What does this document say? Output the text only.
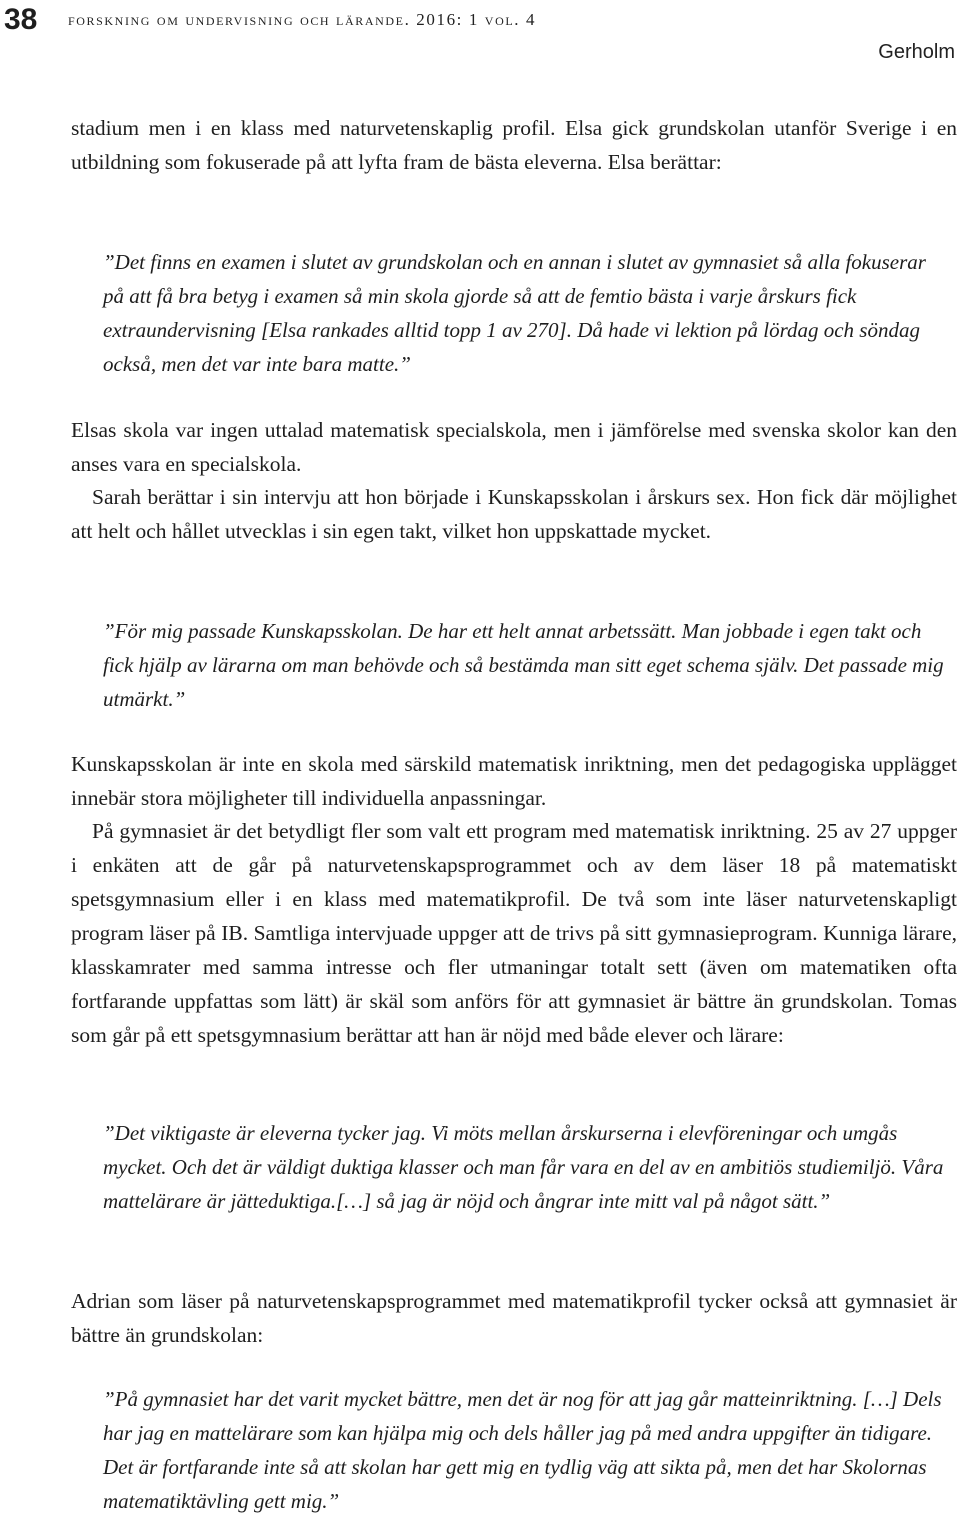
38 forskning om undervisning och lärande. 2016: 1 vol. 4
Gerholm

stadium men i en klass med naturvetenskaplig profil. Elsa gick grundskolan utanför Sverige i en utbildning som fokuserade på att lyfta fram de bästa eleverna. Elsa berättar:

”Det finns en examen i slutet av grundskolan och en annan i slutet av gymnasiet så alla fokuserar på att få bra betyg i examen så min skola gjorde så att de femtio bästa i varje årskurs fick extraundervisning [Elsa rankades alltid topp 1 av 270]. Då hade vi lektion på lördag och söndag också, men det var inte bara matte.”

Elsas skola var ingen uttalad matematisk specialskola, men i jämförelse med svenska skolor kan den anses vara en specialskola.

Sarah berättar i sin intervju att hon började i Kunskapsskolan i årskurs sex. Hon fick där möjlighet att helt och hållet utvecklas i sin egen takt, vilket hon uppskattade mycket.

”För mig passade Kunskapsskolan. De har ett helt annat arbetssätt. Man jobbade i egen takt och fick hjälp av lärarna om man behövde och så bestämda man sitt eget schema själv. Det passade mig utmärkt.”

Kunskapsskolan är inte en skola med särskild matematisk inriktning, men det pedagogiska upplägget innebär stora möjligheter till individuella anpassningar.

På gymnasiet är det betydligt fler som valt ett program med matematisk inriktning. 25 av 27 uppger i enkäten att de går på naturvetenskapsprogrammet och av dem läser 18 på matematiskt spetsgymnasium eller i en klass med matematikprofil. De två som inte läser naturvetenskapligt program läser på IB. Samtliga intervjuade uppger att de trivs på sitt gymnasieprogram. Kunniga lärare, klasskamrater med samma intresse och fler utmaningar totalt sett (även om matematiken ofta fortfarande uppfattas som lätt) är skäl som anförs för att gymnasiet är bättre än grundskolan. Tomas som går på ett spetsgymnasium berättar att han är nöjd med både elever och lärare:

”Det viktigaste är eleverna tycker jag. Vi möts mellan årskurserna i elevföreningar och umgås mycket. Och det är väldigt duktiga klasser och man får vara en del av en ambitiös studiemiljö. Våra mattelärare är jätteduktiga.[…] så jag är nöjd och ångrar inte mitt val på något sätt.”

Adrian som läser på naturvetenskapsprogrammet med matematikprofil tycker också att gymnasiet är bättre än grundskolan:

”På gymnasiet har det varit mycket bättre, men det är nog för att jag går matteinriktning. […] Dels har jag en mattelärare som kan hjälpa mig och dels håller jag på med andra uppgifter än tidigare. Det är fortfarande inte så att skolan har gett mig en tydlig väg att sikta på, men det har Skolornas matematiktävling gett mig.”
